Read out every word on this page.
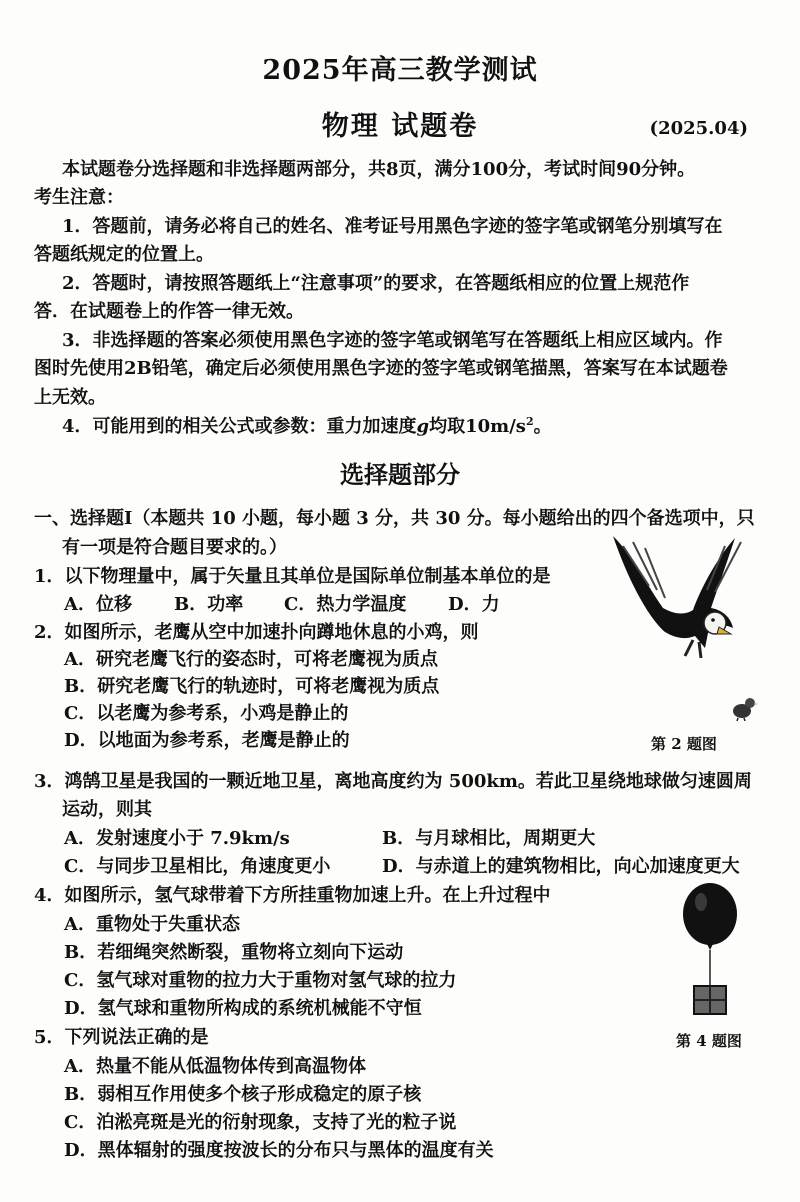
2025年高三教学测试
物理 试题卷	(2025.04)
本试题卷分选择题和非选择题两部分，共8页，满分100分，考试时间90分钟。
考生注意：
1．答题前，请务必将自己的姓名、准考证号用黑色字迹的签字笔或钢笔分别填写在
答题纸规定的位置上。
2．答题时，请按照答题纸上“注意事项”的要求，在答题纸相应的位置上规范作
答．在试题卷上的作答一律无效。
3．非选择题的答案必须使用黑色字迹的签字笔或钢笔写在答题纸上相应区域内。作
图时先使用2B铅笔，确定后必须使用黑色字迹的签字笔或钢笔描黑，答案写在本试题卷
上无效。
4．可能用到的相关公式或参数：重力加速度g均取$10m/s^2$。
选择题部分
一、选择题Ⅰ（本题共 10 小题，每小题 3 分，共 30 分。每小题给出的四个备选项中，只
有一项是符合题目要求的。）
1．以下物理量中，属于矢量且其单位是国际单位制基本单位的是
A．位移 B．功率 C．热力学温度 D．力
2．如图所示，老鹰从空中加速扑向蹲地休息的小鸡，则
A．研究老鹰飞行的姿态时，可将老鹰视为质点
B．研究老鹰飞行的轨迹时，可将老鹰视为质点
C．以老鹰为参考系，小鸡是静止的
D．以地面为参考系，老鹰是静止的	第 2 题图
3．鸿鹄卫星是我国的一颗近地卫星，离地高度约为 500km。若此卫星绕地球做匀速圆周
运动，则其
A．发射速度小于 7.9km/s	B．与月球相比，周期更大
C．与同步卫星相比，角速度更小	D．与赤道上的建筑物相比，向心加速度更大
4．如图所示，氢气球带着下方所挂重物加速上升。在上升过程中
A．重物处于失重状态
B．若细绳突然断裂，重物将立刻向下运动
C．氢气球对重物的拉力大于重物对氢气球的拉力
D．氢气球和重物所构成的系统机械能不守恒
第 4 题图
5．下列说法正确的是
A．热量不能从低温物体传到高温物体
B．弱相互作用使多个核子形成稳定的原子核
C．泊淞亮斑是光的衍射现象，支持了光的粒子说
D．黑体辐射的强度按波长的分布只与黑体的温度有关
